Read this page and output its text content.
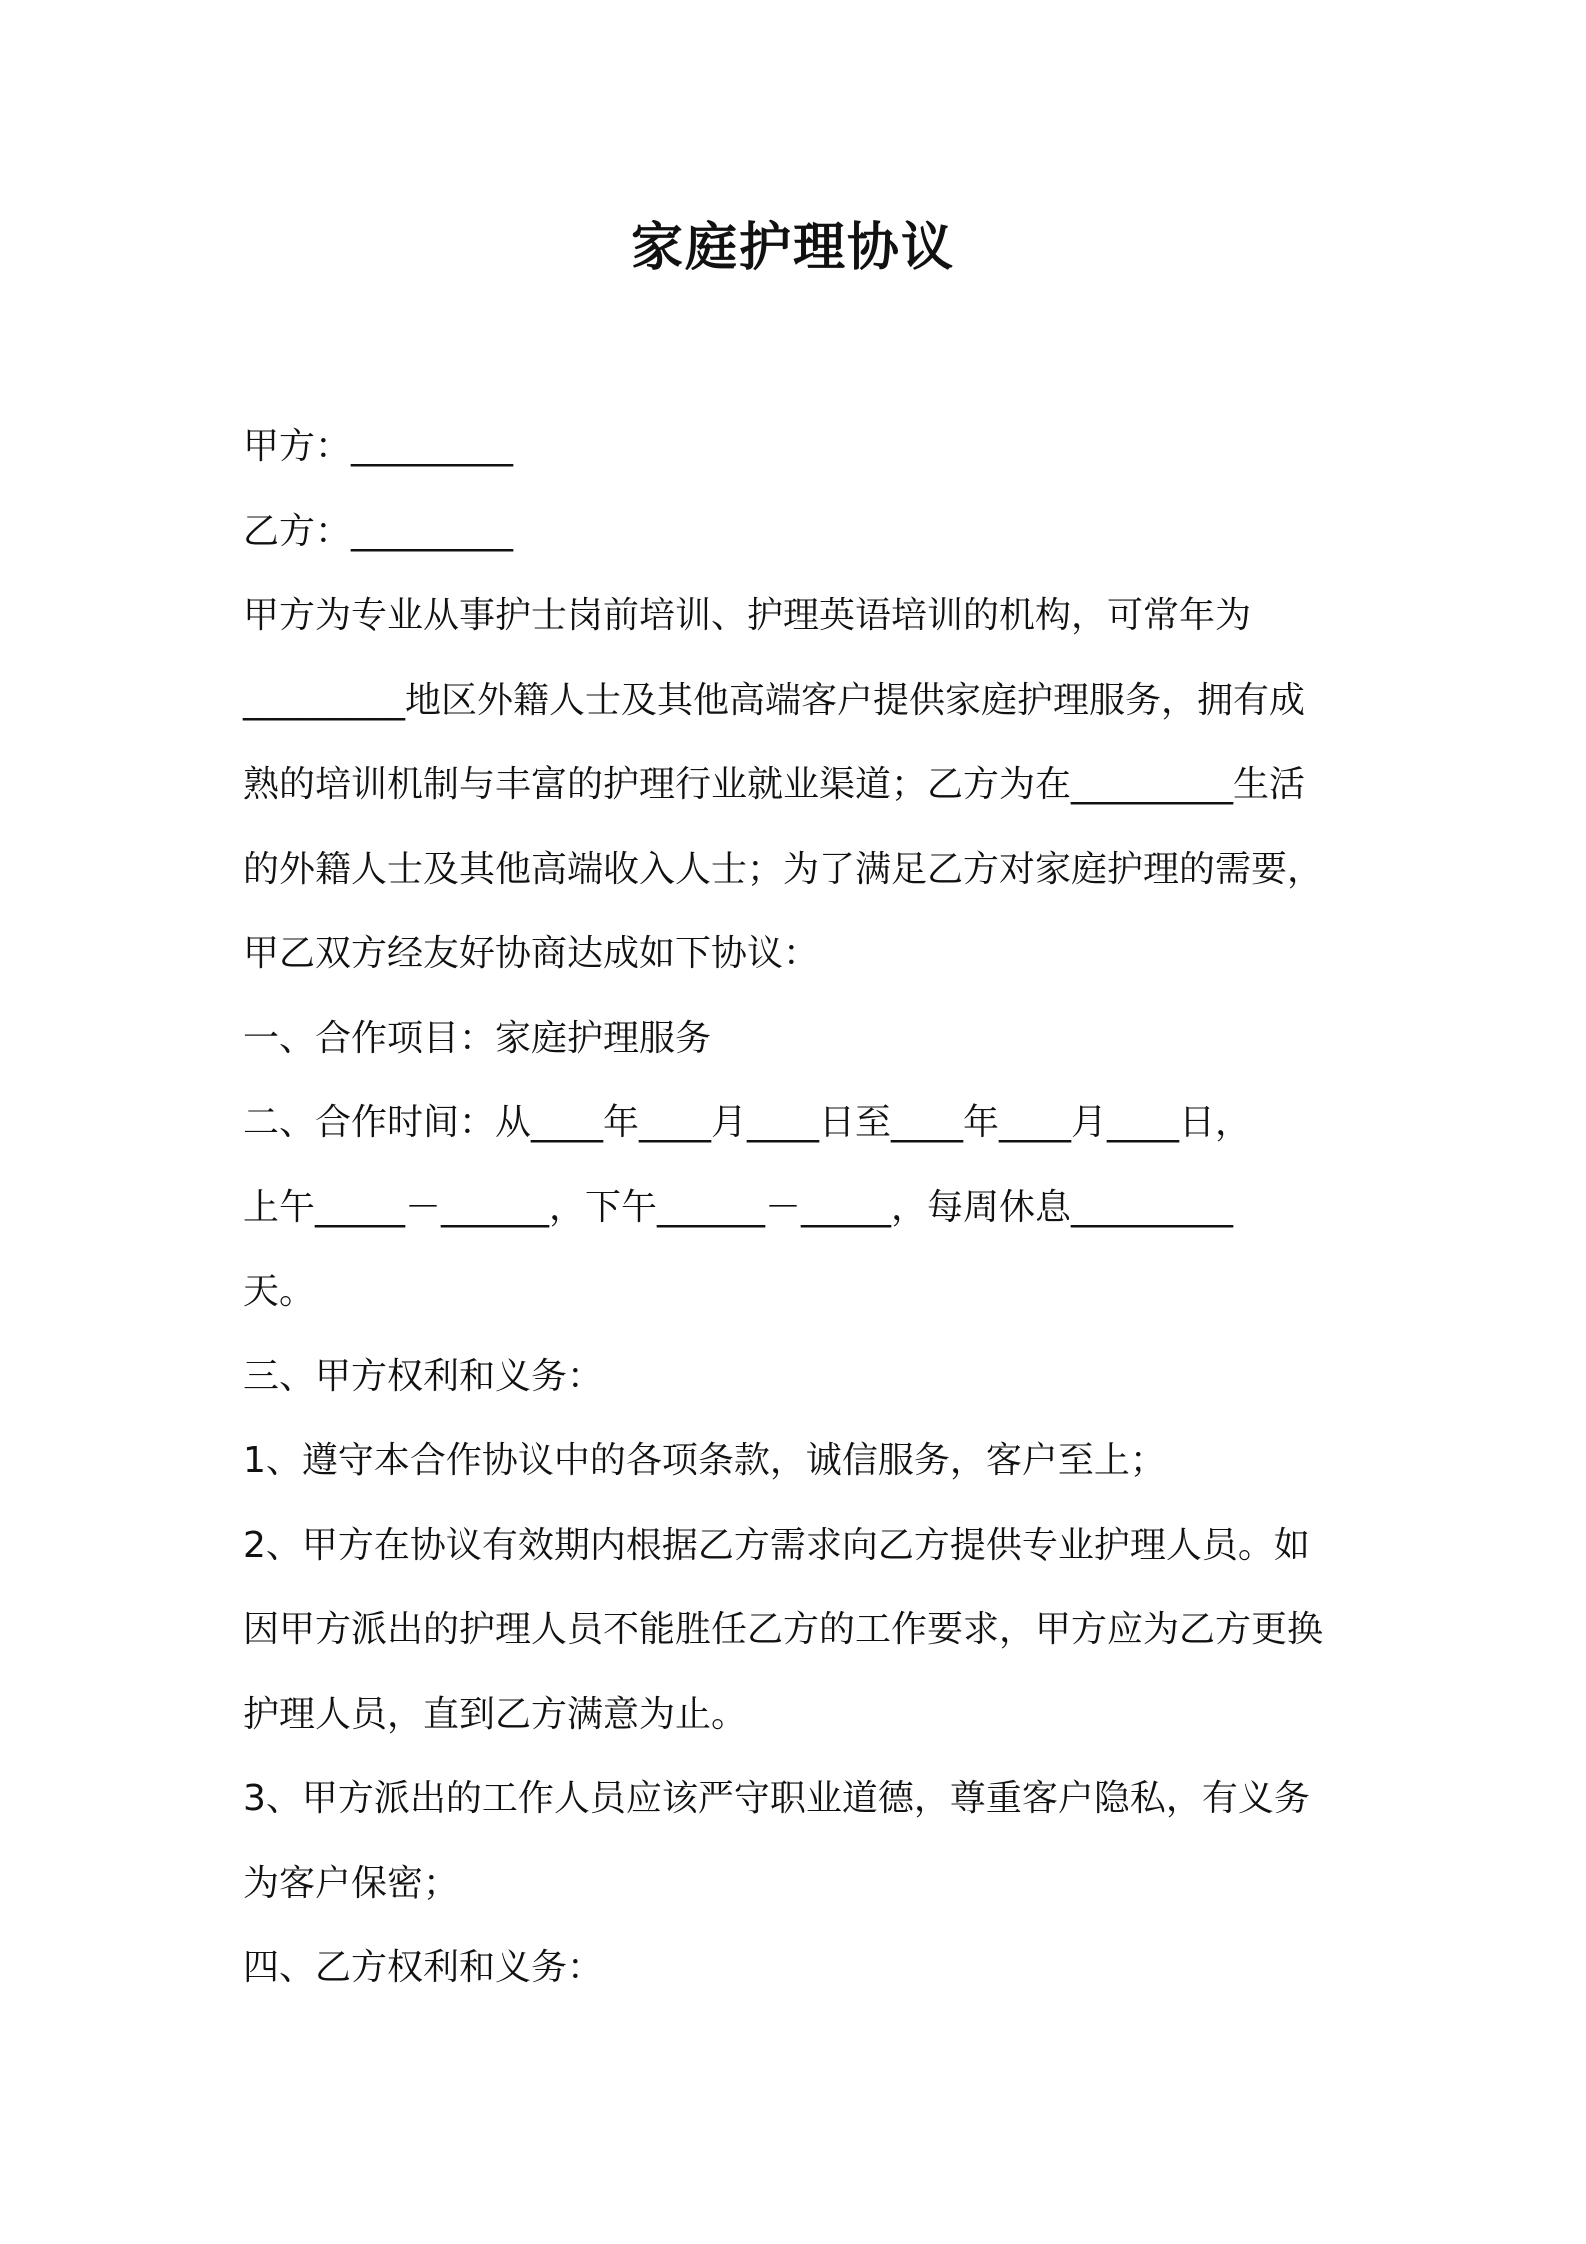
家庭护理协议

甲方：_________

乙方：_________

甲方为专业从事护士岗前培训、护理英语培训的机构，可常年为

_________地区外籍人士及其他高端客户提供家庭护理服务，拥有成

熟的培训机制与丰富的护理行业就业渠道；乙方为在_________生活

的外籍人士及其他高端收入人士；为了满足乙方对家庭护理的需要，

甲乙双方经友好协商达成如下协议：

一、合作项目：家庭护理服务

二、合作时间：从____年____月____日至____年____月____日，

上午_____－______，下午______－_____，每周休息_________

天。

三、甲方权利和义务：

1、遵守本合作协议中的各项条款，诚信服务，客户至上；

2、甲方在协议有效期内根据乙方需求向乙方提供专业护理人员。如

因甲方派出的护理人员不能胜任乙方的工作要求，甲方应为乙方更换

护理人员，直到乙方满意为止。

3、甲方派出的工作人员应该严守职业道德，尊重客户隐私，有义务

为客户保密；

四、乙方权利和义务：
